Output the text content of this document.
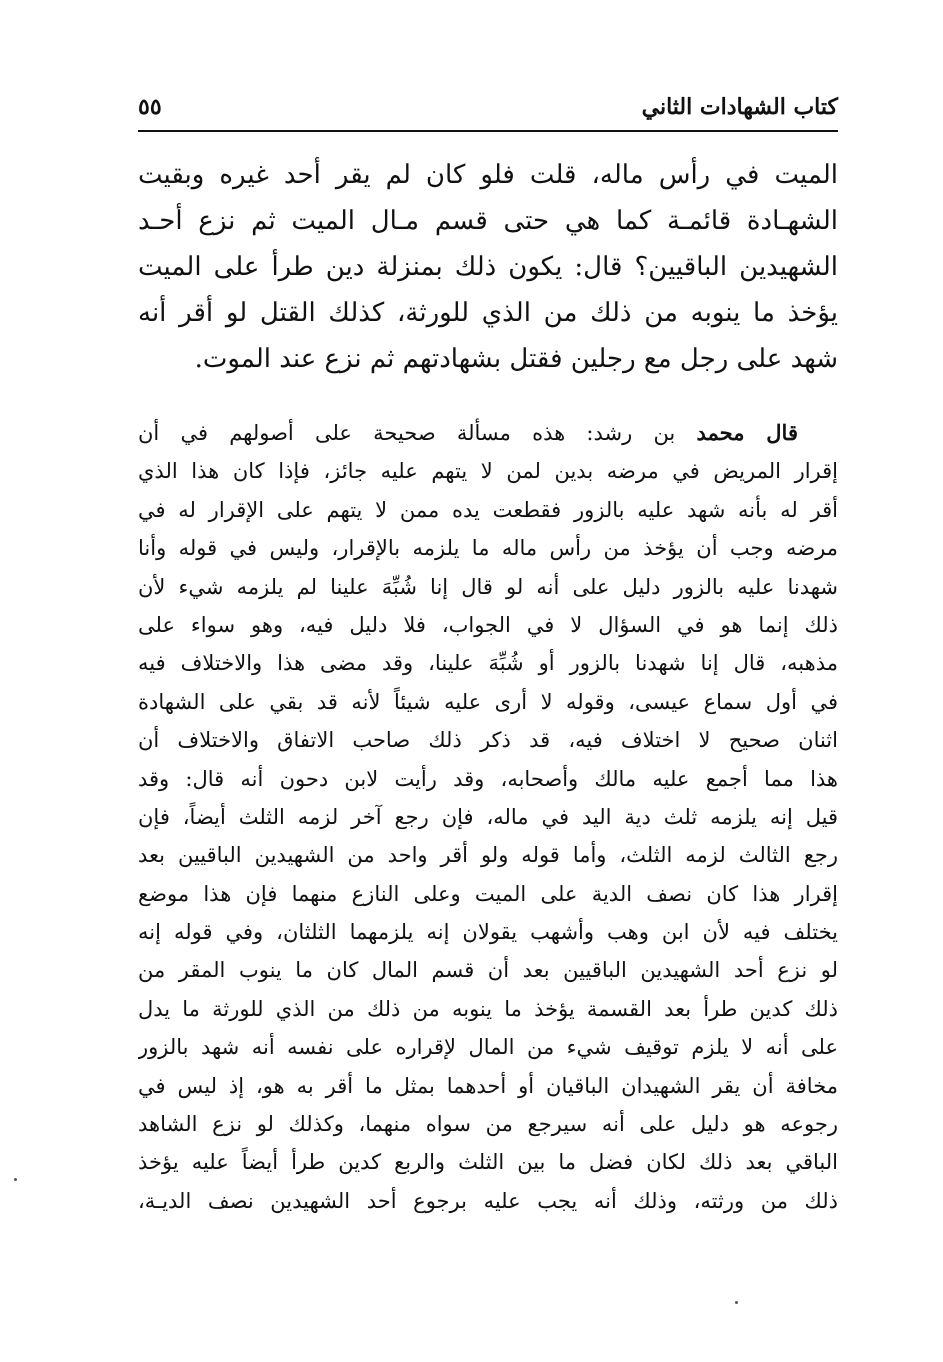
كتاب الشهادات الثاني
٥٥
الميت في رأس ماله، قلت فلو كان لم يقر أحد غيره وبقيت
الشهـادة قائمـة كما هي حتى قسم مـال الميت ثم نزع أحـد
الشهيدين الباقيين؟ قال: يكون ذلك بمنزلة دين طرأ على الميت
يؤخذ ما ينوبه من ذلك من الذي للورثة، كذلك القتل لو أقر أنه
شهد على رجل مع رجلين فقتل بشهادتهم ثم نزع عند الموت.
قال محمد بن رشد: هذه مسألة صحيحة على أصولهم في أن
إقرار المريض في مرضه بدين لمن لا يتهم عليه جائز، فإذا كان هذا الذي
أقر له بأنه شهد عليه بالزور فقطعت يده ممن لا يتهم على الإقرار له في
مرضه وجب أن يؤخذ من رأس ماله ما يلزمه بالإقرار، وليس في قوله وأنا
شهدنا عليه بالزور دليل على أنه لو قال إنا شُبِّهَ علينا لم يلزمه شيء لأن
ذلك إنما هو في السؤال لا في الجواب، فلا دليل فيه، وهو سواء على
مذهبه، قال إنا شهدنا بالزور أو شُبِّهَ علينا، وقد مضى هذا والاختلاف فيه
في أول سماع عيسى، وقوله لا أرى عليه شيئاً لأنه قد بقي على الشهادة
اثنان صحيح لا اختلاف فيه، قد ذكر ذلك صاحب الاتفاق والاختلاف أن
هذا مما أجمع عليه مالك وأصحابه، وقد رأيت لابن دحون أنه قال: وقد
قيل إنه يلزمه ثلث دية اليد في ماله، فإن رجع آخر لزمه الثلث أيضاً، فإن
رجع الثالث لزمه الثلث، وأما قوله ولو أقر واحد من الشهيدين الباقيين بعد
إقرار هذا كان نصف الدية على الميت وعلى النازع منهما فإن هذا موضع
يختلف فيه لأن ابن وهب وأشهب يقولان إنه يلزمهما الثلثان، وفي قوله إنه
لو نزع أحد الشهيدين الباقيين بعد أن قسم المال كان ما ينوب المقر من
ذلك كدين طرأ بعد القسمة يؤخذ ما ينوبه من ذلك من الذي للورثة ما يدل
على أنه لا يلزم توقيف شيء من المال لإقراره على نفسه أنه شهد بالزور
مخافة أن يقر الشهيدان الباقيان أو أحدهما بمثل ما أقر به هو، إذ ليس في
رجوعه هو دليل على أنه سيرجع من سواه منهما، وكذلك لو نزع الشاهد
الباقي بعد ذلك لكان فضل ما بين الثلث والربع كدين طرأ أيضاً عليه يؤخذ
ذلك من ورثته، وذلك أنه يجب عليه برجوع أحد الشهيدين نصف الديـة،
